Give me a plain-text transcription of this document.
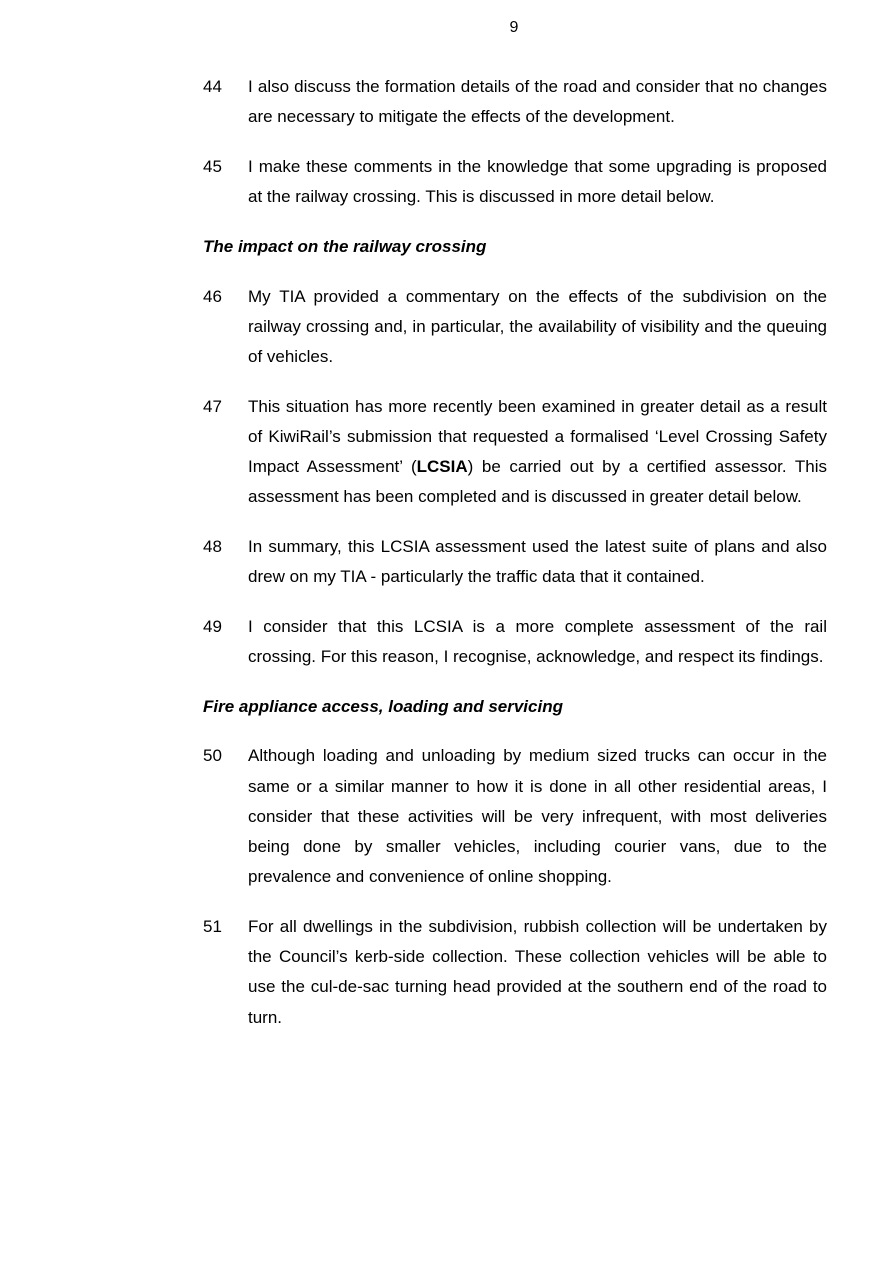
9
44	I also discuss the formation details of the road and consider that no changes are necessary to mitigate the effects of the development.
45	I make these comments in the knowledge that some upgrading is proposed at the railway crossing. This is discussed in more detail below.
The impact on the railway crossing
46	My TIA provided a commentary on the effects of the subdivision on the railway crossing and, in particular, the availability of visibility and the queuing of vehicles.
47	This situation has more recently been examined in greater detail as a result of KiwiRail’s submission that requested a formalised ‘Level Crossing Safety Impact Assessment’ (LCSIA) be carried out by a certified assessor. This assessment has been completed and is discussed in greater detail below.
48	In summary, this LCSIA assessment used the latest suite of plans and also drew on my TIA - particularly the traffic data that it contained.
49	I consider that this LCSIA is a more complete assessment of the rail crossing. For this reason, I recognise, acknowledge, and respect its findings.
Fire appliance access, loading and servicing
50	Although loading and unloading by medium sized trucks can occur in the same or a similar manner to how it is done in all other residential areas, I consider that these activities will be very infrequent, with most deliveries being done by smaller vehicles, including courier vans, due to the prevalence and convenience of online shopping.
51	For all dwellings in the subdivision, rubbish collection will be undertaken by the Council’s kerb-side collection. These collection vehicles will be able to use the cul-de-sac turning head provided at the southern end of the road to turn.
